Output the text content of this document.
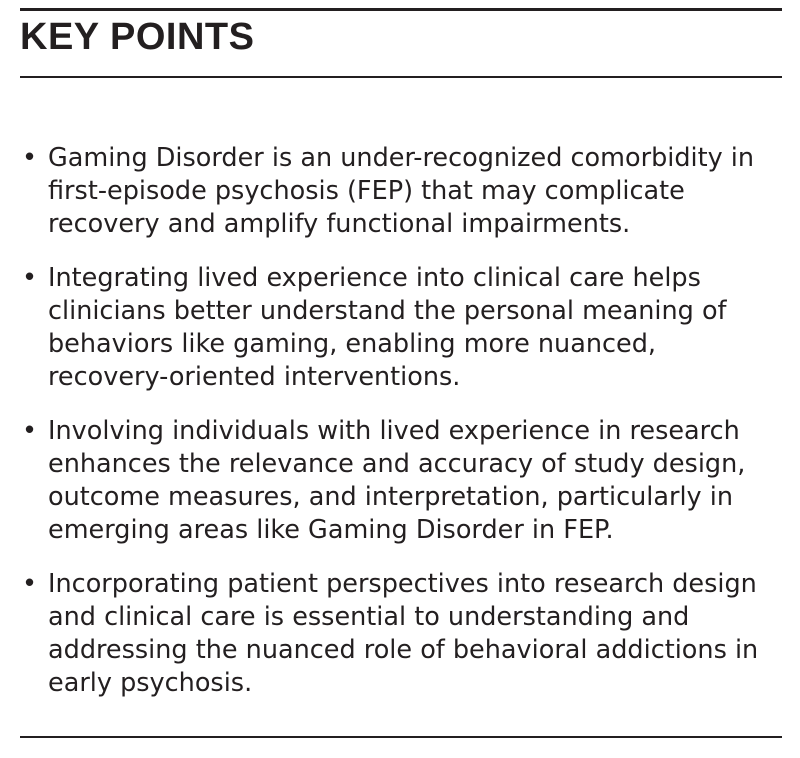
KEY POINTS
• Gaming Disorder is an under-recognized comorbidity in first-episode psychosis (FEP) that may complicate recovery and amplify functional impairments.
• Integrating lived experience into clinical care helps clinicians better understand the personal meaning of behaviors like gaming, enabling more nuanced, recovery-oriented interventions.
• Involving individuals with lived experience in research enhances the relevance and accuracy of study design, outcome measures, and interpretation, particularly in emerging areas like Gaming Disorder in FEP.
• Incorporating patient perspectives into research design and clinical care is essential to understanding and addressing the nuanced role of behavioral addictions in early psychosis.
